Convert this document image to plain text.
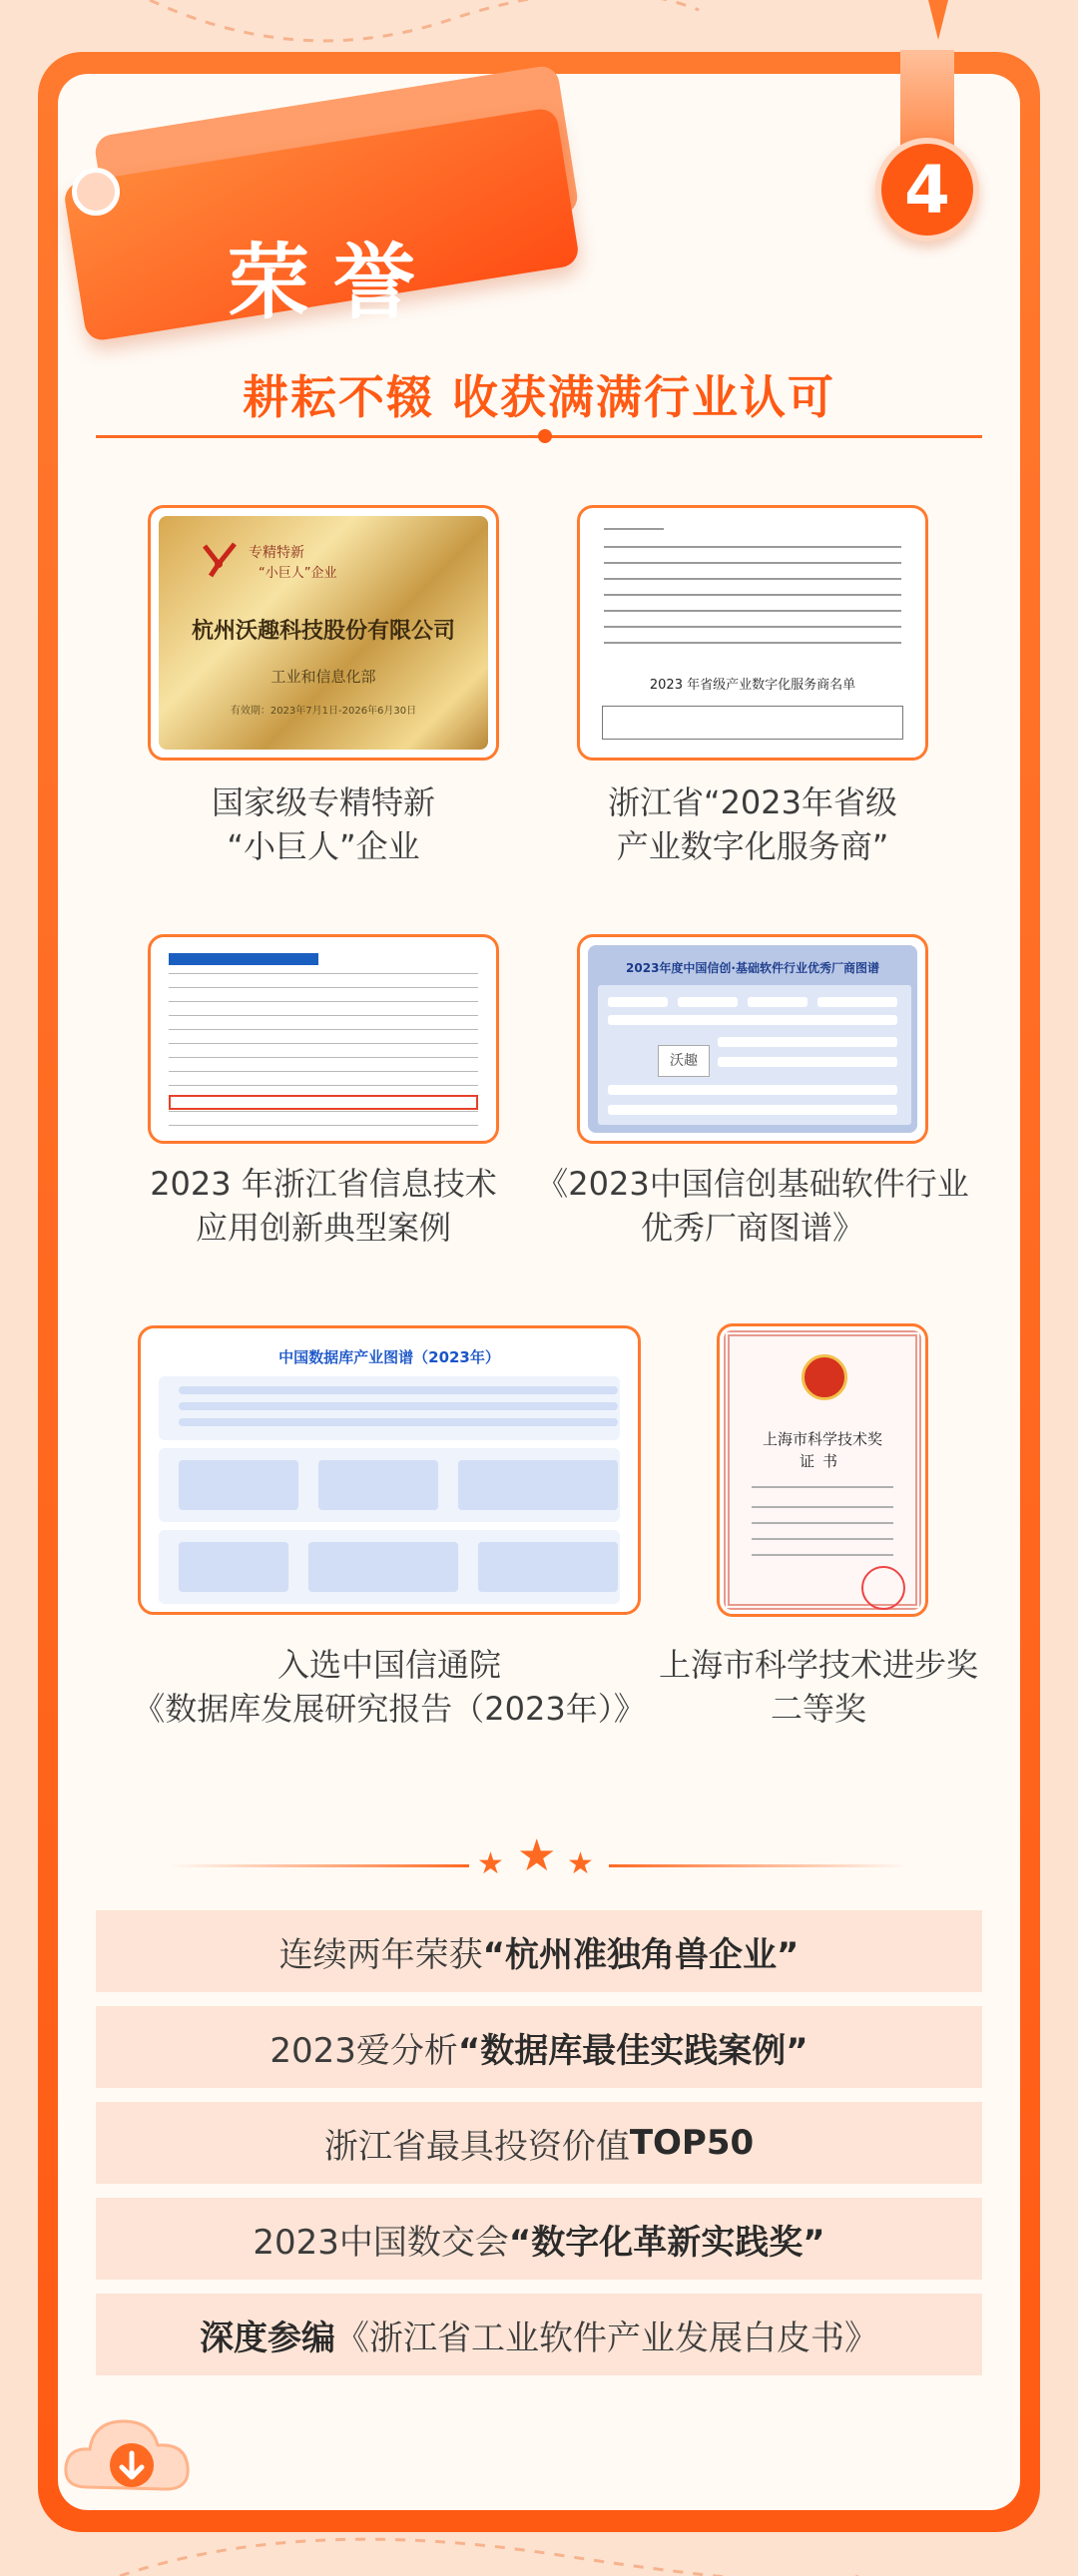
4
荣誉
耕耘不辍 收获满满行业认可
专精特新
“小巨人”企业
杭州沃趣科技股份有限公司
工业和信息化部
有效期：2023年7月1日-2026年6月30日
国家级专精特新
“小巨人”企业
2023 年省级产业数字化服务商名单
浙江省“2023年省级
产业数字化服务商”
2023 年浙江省信息技术
应用创新典型案例
2023年度中国信创·基础软件行业优秀厂商图谱
沃趣
《2023中国信创基础软件行业
优秀厂商图谱》
中国数据库产业图谱（2023年）
入选中国信通院
《数据库发展研究报告（2023年）》
上海市科学技术奖
证书
上海市科学技术进步奖
二等奖
★ ★ ★
连续两年荣获 “杭州准独角兽企业”
2023爱分析 “数据库最佳实践案例”
浙江省最具投资价值 TOP50
2023中国数交会 “数字化革新实践奖”
深度参编 《浙江省工业软件产业发展白皮书》
